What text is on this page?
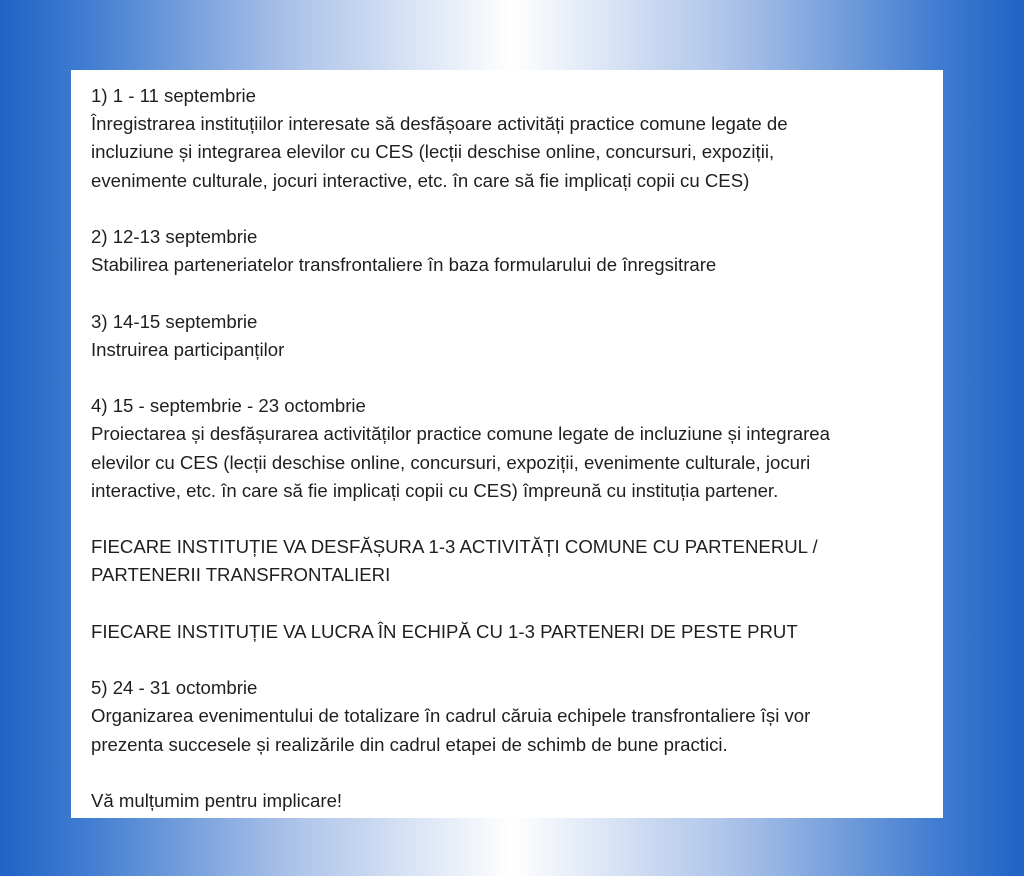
1) 1 - 11 septembrie
Înregistrarea instituțiilor interesate să desfășoare activități practice comune legate de
incluziune și integrarea elevilor cu CES (lecții deschise online, concursuri, expoziții,
evenimente culturale, jocuri interactive, etc. în care să fie implicați copii cu CES)
2) 12-13 septembrie
Stabilirea parteneriatelor transfrontaliere în baza formularului de înregsitrare
3) 14-15 septembrie
Instruirea participanților
4) 15 - septembrie - 23 octombrie
Proiectarea și desfășurarea activităților practice comune legate de incluziune și integrarea
elevilor cu CES (lecții deschise online, concursuri, expoziții, evenimente culturale, jocuri
interactive, etc. în care să fie implicați copii cu CES) împreună cu instituția partener.
FIECARE INSTITUȚIE VA DESFĂȘURA 1-3 ACTIVITĂȚI COMUNE CU PARTENERUL /
PARTENERII TRANSFRONTALIERI
FIECARE INSTITUȚIE VA LUCRA ÎN ECHIPĂ CU 1-3 PARTENERI DE PESTE PRUT
5) 24 - 31 octombrie
Organizarea evenimentului de totalizare în cadrul căruia echipele transfrontaliere își vor
prezenta succesele și realizările din cadrul etapei de schimb de bune practici.
Vă mulțumim pentru implicare!
